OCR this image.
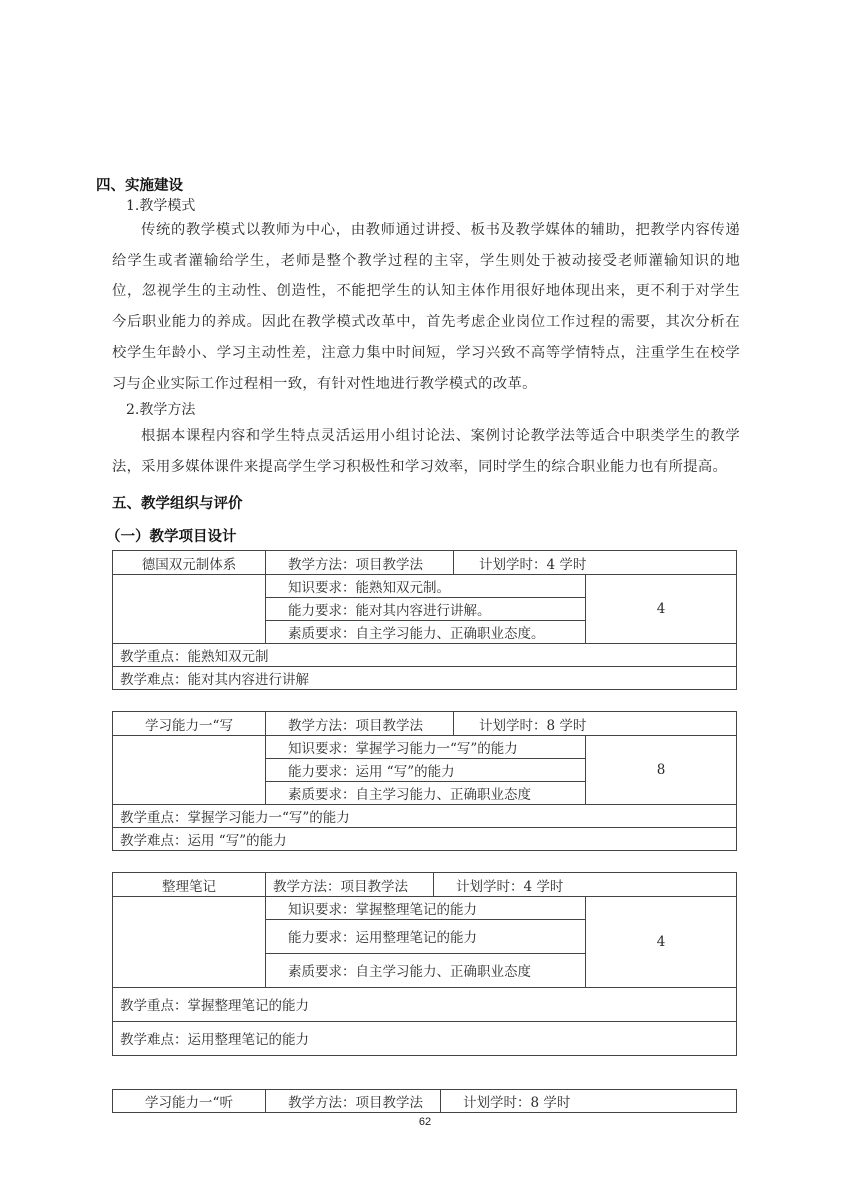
四、实施建设
1.教学模式
传统的教学模式以教师为中心，由教师通过讲授、板书及教学媒体的辅助，把教学内容传递给学生或者灌输给学生，老师是整个教学过程的主宰，学生则处于被动接受老师灌输知识的地位，忽视学生的主动性、创造性，不能把学生的认知主体作用很好地体现出来，更不利于对学生今后职业能力的养成。因此在教学模式改革中，首先考虑企业岗位工作过程的需要，其次分析在校学生年龄小、学习主动性差，注意力集中时间短，学习兴致不高等学情特点，注重学生在校学习与企业实际工作过程相一致，有针对性地进行教学模式的改革。
2.教学方法
根据本课程内容和学生特点灵活运用小组讨论法、案例讨论教学法等适合中职类学生的教学法，采用多媒体课件来提高学生学习积极性和学习效率，同时学生的综合职业能力也有所提高。
五、教学组织与评价
（一）教学项目设计
德国双元制体系	教学方法：项目教学法	计划学时：4 学时
知识要求：能熟知双元制。
能力要求：能对其内容进行讲解。
素质要求：自主学习能力、正确职业态度。
4
教学重点：能熟知双元制
教学难点：能对其内容进行讲解
学习能力一“写	教学方法：项目教学法	计划学时：8 学时
知识要求：掌握学习能力一“写”的能力
能力要求：运用 “写”的能力
素质要求：自主学习能力、正确职业态度
8
教学重点：掌握学习能力一“写”的能力
教学难点：运用 “写”的能力
整理笔记	教学方法：项目教学法	计划学时：4 学时
知识要求：掌握整理笔记的能力
能力要求：运用整理笔记的能力
素质要求：自主学习能力、正确职业态度
4
教学重点：掌握整理笔记的能力
教学难点：运用整理笔记的能力
学习能力一“听	教学方法：项目教学法	计划学时：8 学时
62
